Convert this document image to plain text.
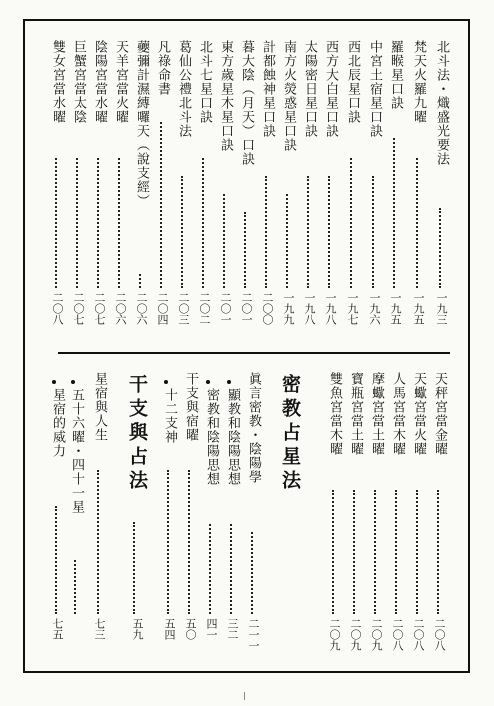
北斗法・熾盛光要法
一九三
梵天火羅九曜
一九五
羅睺星口訣
一九五
中宮土宿星口訣
一九六
西北辰星口訣
一九七
西方大白星口訣
一九八
太陽密日星口訣
一九八
南方火熒惑星口訣
一九九
計都蝕神星口訣
二〇〇
暮大陰（月天）口訣
二〇一
東方歲星木星口訣
二〇一
北斗七星口訣
二〇二
葛仙公禮北斗法
二〇三
凡祿命書
二〇四
虁彌計濕縛囉天（說支經）
二〇六
天羊宮當火曜
二〇六
陰陽宮當水曜
二〇七
巨蟹宮當太陰
二〇七
雙女宮當水曜
二〇八
天秤宮當金曜
二〇八
天蠍宮當火曜
二〇八
人馬宮當木曜
二〇八
摩蠍宮當土曜
二〇九
寶瓶宮當土曜
二〇九
雙魚宮當木曜
二〇九
密教占星法
眞言密教・陰陽學
二一一
顯教和陰陽思想
三二
密教和陰陽思想
四一
干支與宿曜
五〇
十二支神
五四
干支與占法
五九
星宿與人生
五十六曜・四十一星
七三
星宿的威力
七五
